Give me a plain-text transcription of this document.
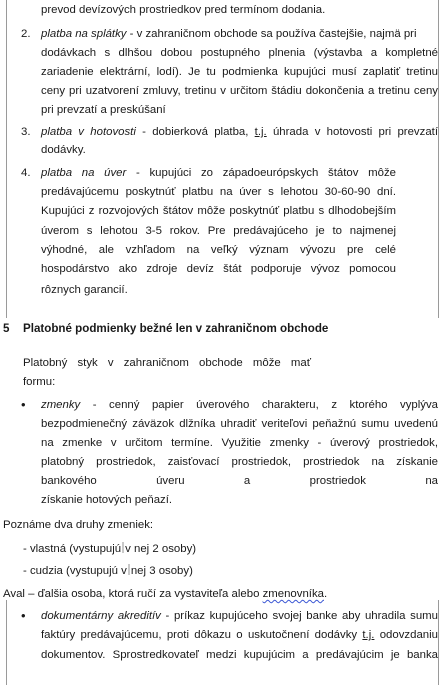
prevod devízových prostriedkov pred termínom dodania.
2. platba na splátky - v zahraničnom obchode sa používa častejšie, najmä pri
dodávkach s dlhšou dobou postupného plnenia (výstavba a kompletné
zariadenie elektrární, lodí). Je tu podmienka kupujúci musí zaplatiť tretinu
ceny pri uzatvorení zmluvy, tretinu v určitom štádiu dokončenia a tretinu ceny
pri prevzatí a preskúšaní
3. platba v hotovosti - dobierková platba, t.j. úhrada v hotovosti pri prevzatí
dodávky.
4. platba na úver - kupujúci zo západoeurópskych štátov môže
predávajúcemu poskytnúť platbu na úver s lehotou 30-60-90 dní.
Kupujúci z rozvojových štátov môže poskytnúť platbu s dlhodobejším
úverom s lehotou 3-5 rokov. Pre predávajúceho je to najmenej
výhodné, ale vzhľadom na veľký význam vývozu pre celé
hospodárstvo ako zdroje devíz štát podporuje vývoz pomocou
rôznych garancií.
5 Platobné podmienky bežné len v zahraničnom obchode
Platobný styk v zahraničnom obchode môže mať
formu:
• zmenky - cenný papier úverového charakteru, z ktorého vyplýva
bezpodmienečný záväzok dlžníka uhradiť veriteľovi peňažnú sumu uvedenú
na zmenke v určitom termíne. Využitie zmenky - úverový prostriedok,
platobný prostriedok, zaisťovací prostriedok, prostriedok na získanie
bankového úveru a prostriedok na
získanie hotových peňazí.
Poznáme dva druhy zmeniek:
- vlastná (vystupujú v nej 2 osoby)
- cudzia (vystupujú v nej 3 osoby)
Aval – ďalšia osoba, ktorá ručí za vystaviteľa alebo zmenovníka.
• dokumentárny akreditív - príkaz kupujúceho svojej banke aby uhradila sumu
faktúry predávajúcemu, proti dôkazu o uskutočnení dodávky t.j. odovzdaniu
dokumentov. Sprostredkovateľ medzi kupujúcim a predávajúcim je banka
